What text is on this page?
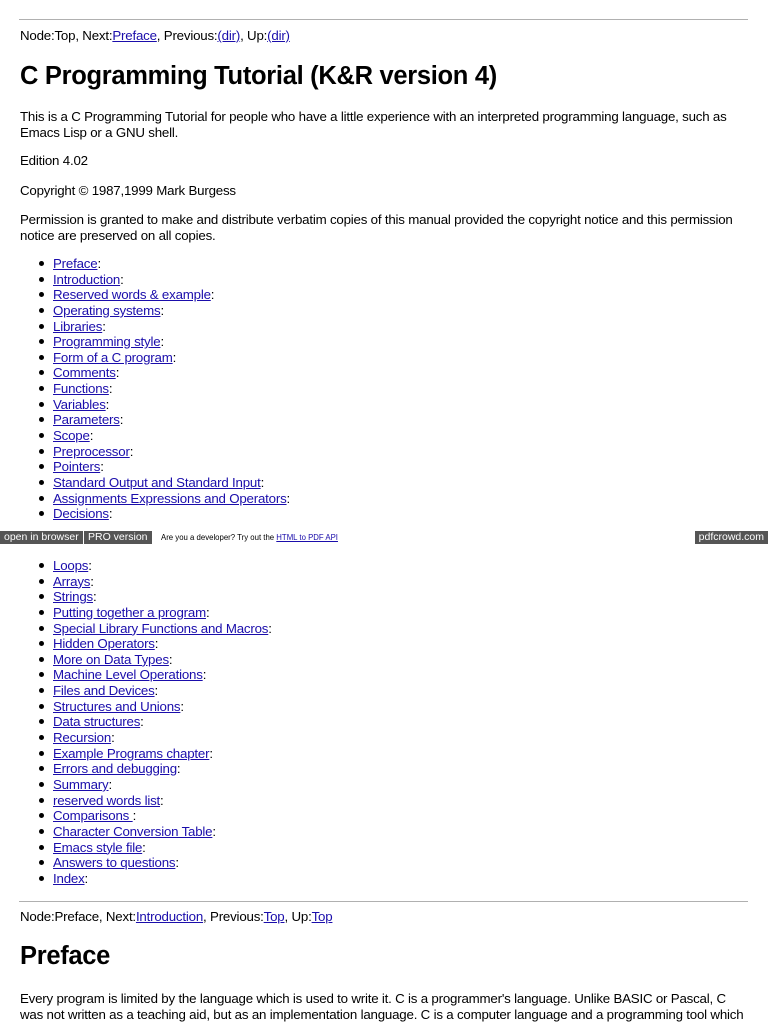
Node:Top, Next:Preface, Previous:(dir), Up:(dir)
C Programming Tutorial (K&R version 4)

This is a C Programming Tutorial for people who have a little experience with an interpreted programming language, such as Emacs Lisp or a GNU shell.

Edition 4.02

Copyright © 1987,1999 Mark Burgess

Permission is granted to make and distribute verbatim copies of this manual provided the copyright notice and this permission notice are preserved on all copies.

Preface:
Introduction:
Reserved words & example:
Operating systems:
Libraries:
Programming style:
Form of a C program:
Comments:
Functions:
Variables:
Parameters:
Scope:
Preprocessor:
Pointers:
Standard Output and Standard Input:
Assignments Expressions and Operators:
Decisions:
open in browser PRO version	Are you a developer? Try out the HTML to PDF API	pdfcrowd.com
Loops:
Arrays:
Strings:
Putting together a program:
Special Library Functions and Macros:
Hidden Operators:
More on Data Types:
Machine Level Operations:
Files and Devices:
Structures and Unions:
Data structures:
Recursion:
Example Programs chapter:
Errors and debugging:
Summary:
reserved words list:
Comparisons :
Character Conversion Table:
Emacs style file:
Answers to questions:
Index:
Node:Preface, Next:Introduction, Previous:Top, Up:Top
Preface

Every program is limited by the language which is used to write it. C is a programmer's language. Unlike BASIC or Pascal, C was not written as a teaching aid, but as an implementation language. C is a computer language and a programming tool which
